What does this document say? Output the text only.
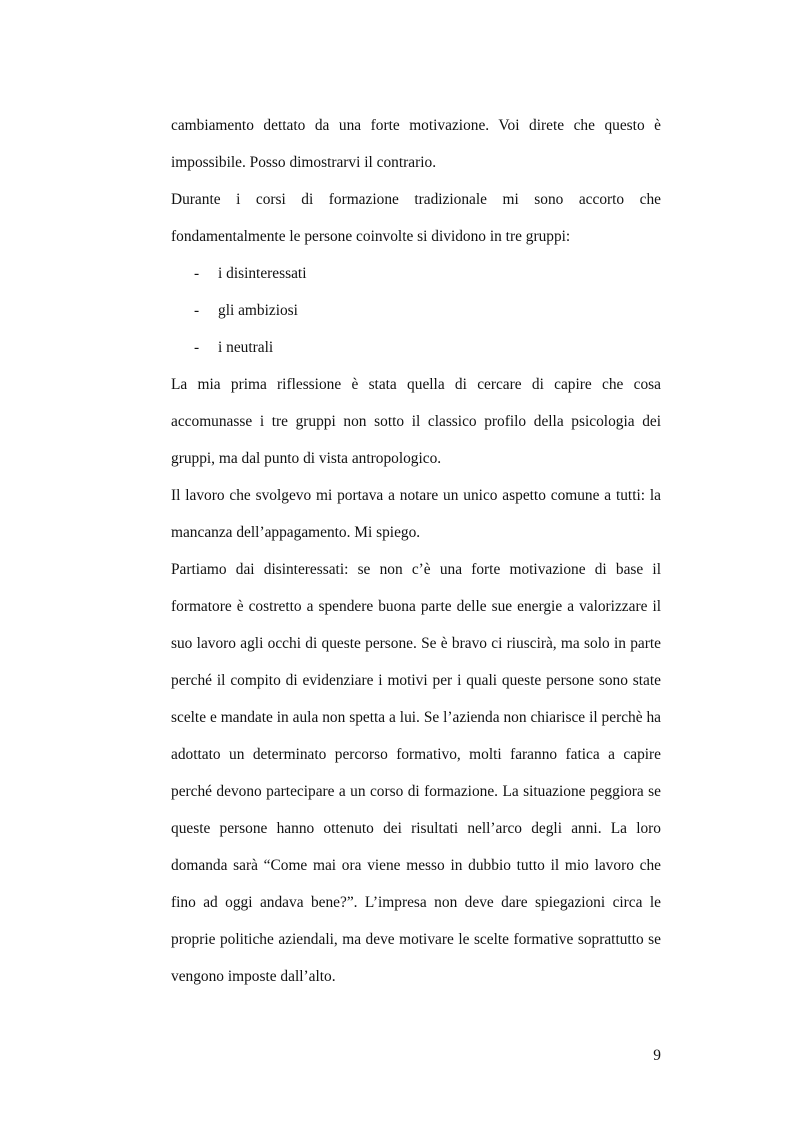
cambiamento dettato da una forte motivazione. Voi direte che questo è impossibile. Posso dimostrarvi il contrario.

Durante i corsi di formazione tradizionale mi sono accorto che fondamentalmente le persone coinvolte si dividono in tre gruppi:

- i disinteressati
- gli ambiziosi
- i neutrali

La mia prima riflessione è stata quella di cercare di capire che cosa accomunasse i tre gruppi non sotto il classico profilo della psicologia dei gruppi, ma dal punto di vista antropologico.

Il lavoro che svolgevo mi portava a notare un unico aspetto comune a tutti: la mancanza dell’appagamento. Mi spiego.

Partiamo dai disinteressati: se non c’è una forte motivazione di base il formatore è costretto a spendere buona parte delle sue energie a valorizzare il suo lavoro agli occhi di queste persone. Se è bravo ci riuscirà, ma solo in parte perché il compito di evidenziare i motivi per i quali queste persone sono state scelte e mandate in aula non spetta a lui. Se l’azienda non chiarisce il perchè ha adottato un determinato percorso formativo, molti faranno fatica a capire perché devono partecipare a un corso di formazione. La situazione peggiora se queste persone hanno ottenuto dei risultati nell’arco degli anni. La loro domanda sarà “Come mai ora viene messo in dubbio tutto il mio lavoro che fino ad oggi andava bene?”. L’impresa non deve dare spiegazioni circa le proprie politiche aziendali, ma deve motivare le scelte formative soprattutto se vengono imposte dall’alto.

9
